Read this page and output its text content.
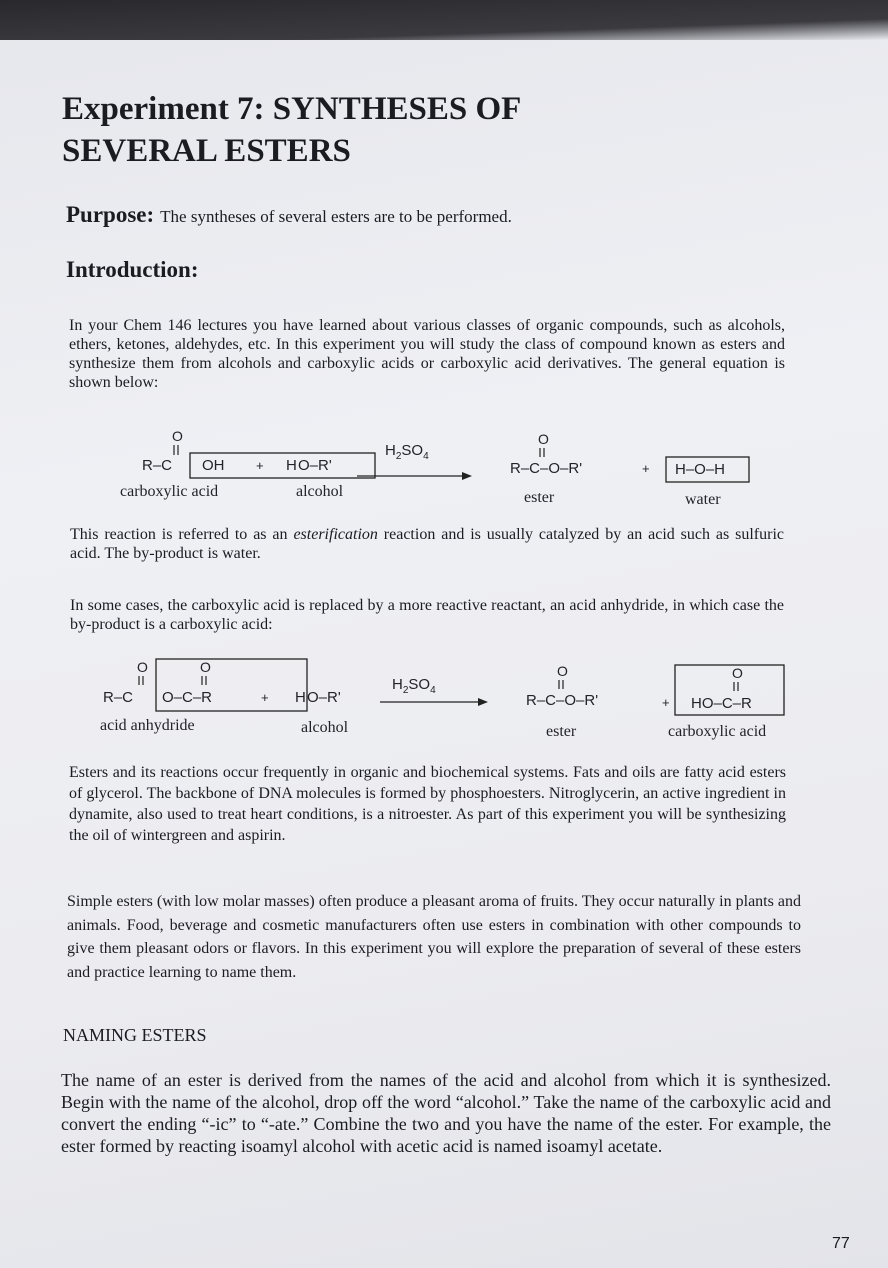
Experiment 7: SYNTHESES OF
SEVERAL ESTERS
Purpose: The syntheses of several esters are to be performed.
Introduction:

In your Chem 146 lectures you have learned about various classes of organic compounds, such as alcohols, ethers, ketones, aldehydes, etc. In this experiment you will study the class of compound known as esters and synthesize them from alcohols and carboxylic acids or carboxylic acid derivatives. The general equation is shown below:

O
R–C OH + H O–R'
$H_2SO_4$
O
R–C–O–R'	+ H–O–H
carboxylic acid	alcohol	ester	water

This reaction is referred to as an esterification reaction and is usually catalyzed by an acid such as sulfuric acid. The by-product is water.

In some cases, the carboxylic acid is replaced by a more reactive reactant, an acid anhydride, in which case the by-product is a carboxylic acid:

O	O
R–C O–C–R	+ H O–R'
$H_2SO_4$
O
R–C–O–R'	+
O
HO–C–R
acid anhydride	alcohol	ester	carboxylic acid

Esters and its reactions occur frequently in organic and biochemical systems. Fats and oils are fatty acid esters of glycerol. The backbone of DNA molecules is formed by phosphoesters. Nitroglycerin, an active ingredient in dynamite, also used to treat heart conditions, is a nitroester. As part of this experiment you will be synthesizing the oil of wintergreen and aspirin.

Simple esters (with low molar masses) often produce a pleasant aroma of fruits. They occur naturally in plants and animals. Food, beverage and cosmetic manufacturers often use esters in combination with other compounds to give them pleasant odors or flavors. In this experiment you will explore the preparation of several of these esters and practice learning to name them.

NAMING ESTERS

The name of an ester is derived from the names of the acid and alcohol from which it is synthesized. Begin with the name of the alcohol, drop off the word “alcohol.” Take the name of the carboxylic acid and convert the ending “-ic” to “-ate.” Combine the two and you have the name of the ester. For example, the ester formed by reacting isoamyl alcohol with acetic acid is named isoamyl acetate.

77
